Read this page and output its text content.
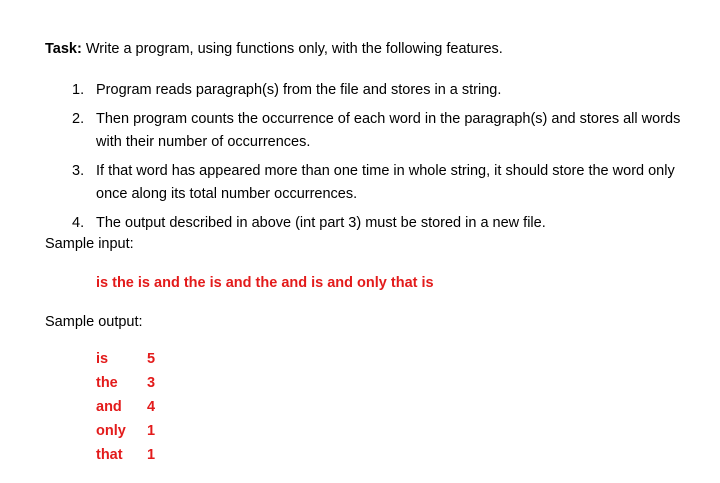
Task: Write a program, using functions only, with the following features.
1. Program reads paragraph(s) from the file and stores in a string.
2. Then program counts the occurrence of each word in the paragraph(s) and stores all words with their number of occurrences.
3. If that word has appeared more than one time in whole string, it should store the word only once along its total number occurrences.
4. The output described in above (int part 3) must be stored in a new file.
Sample input:
is the is and the is and the and is and only that is
Sample output:
is	5
the 3
and 4
only 1
that 1
